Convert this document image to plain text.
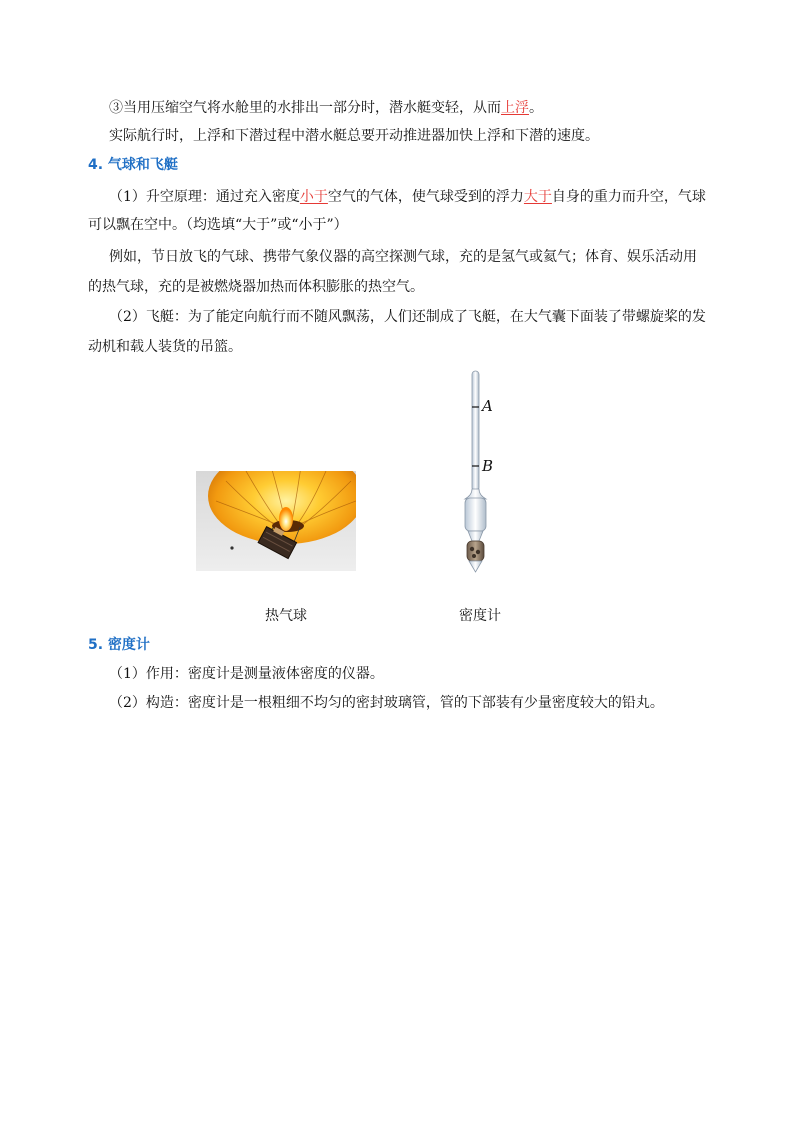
③当用压缩空气将水舱里的水排出一部分时，潜水艇变轻，从而上浮。
实际航行时，上浮和下潜过程中潜水艇总要开动推进器加快上浮和下潜的速度。
4. 气球和飞艇
（1）升空原理：通过充入密度小于空气的气体，使气球受到的浮力大于自身的重力而升空，气球
可以飘在空中。（均选填“大于”或“小于”）
例如，节日放飞的气球、携带气象仪器的高空探测气球，充的是氢气或氦气；体育、娱乐活动用
的热气球，充的是被燃烧器加热而体积膨胀的热空气。
（2）飞艇：为了能定向航行而不随风飘荡，人们还制成了飞艇，在大气囊下面装了带螺旋桨的发
动机和载人装货的吊篮。
A
B
热气球	密度计
5. 密度计
（1）作用：密度计是测量液体密度的仪器。
（2）构造：密度计是一根粗细不均匀的密封玻璃管，管的下部装有少量密度较大的铅丸。
